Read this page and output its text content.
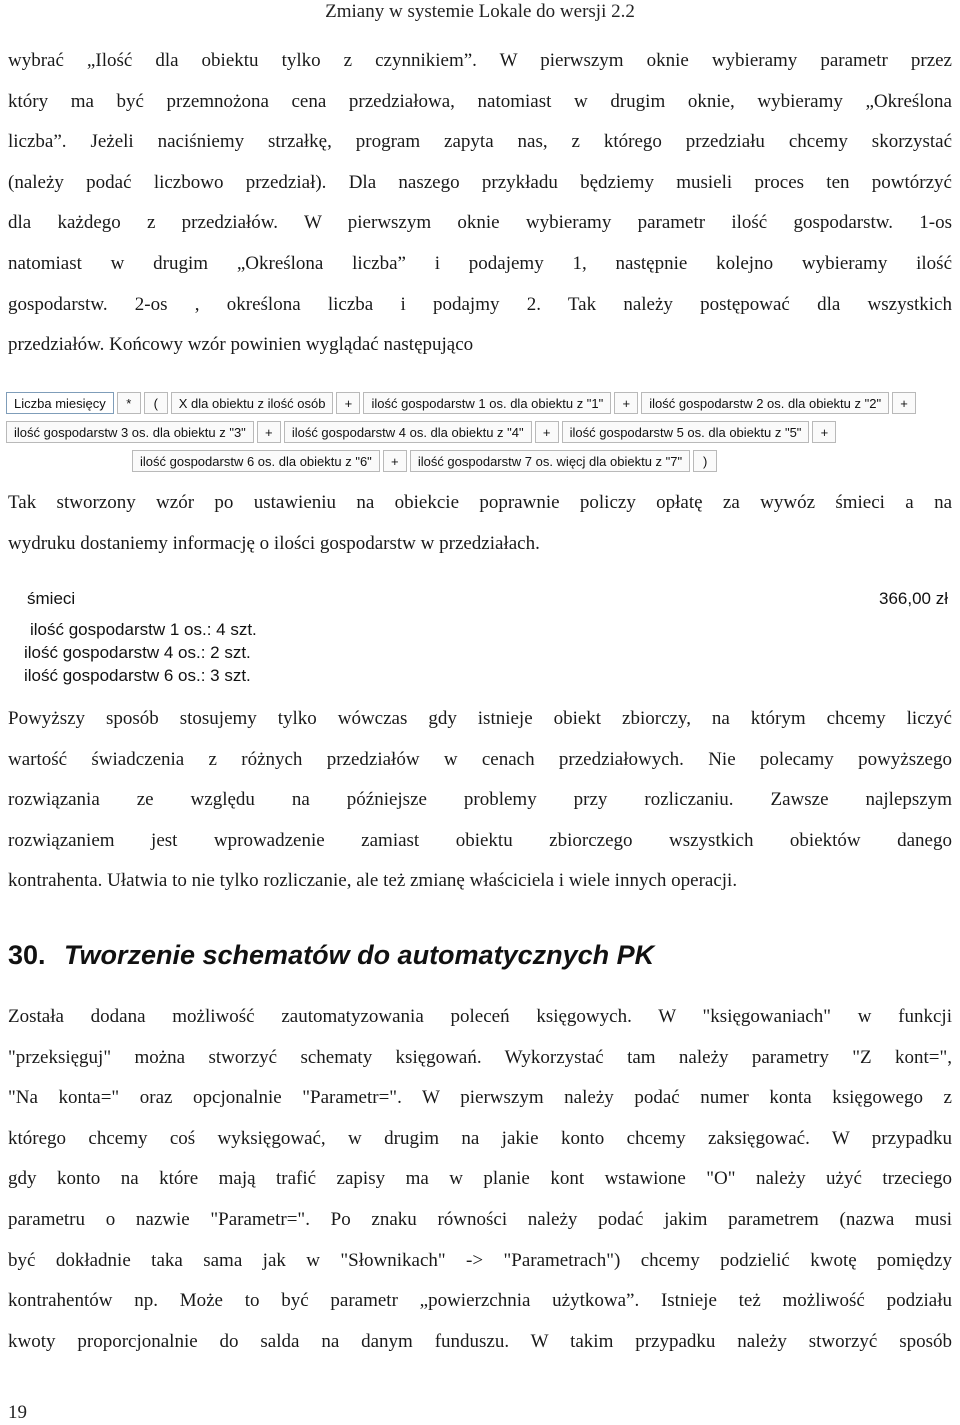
Zmiany w systemie Lokale do wersji 2.2
wybrać „Ilość dla obiektu tylko z czynnikiem”. W pierwszym oknie wybieramy parametr przez
który ma być przemnożona cena przedziałowa, natomiast w drugim oknie, wybieramy „Określona
liczba”. Jeżeli naciśniemy strzałkę, program zapyta nas, z którego przedziału chcemy skorzystać
(należy podać liczbowo przedział). Dla naszego przykładu będziemy musieli proces ten powtórzyć
dla każdego z przedziałów. W pierwszym oknie wybieramy parametr ilość gospodarstw. 1-os
natomiast w drugim „Określona liczba” i podajemy 1, następnie kolejno wybieramy ilość
gospodarstw. 2-os , określona liczba i podajmy 2. Tak należy postępować dla wszystkich
przedziałów. Końcowy wzór powinien wyglądać następująco
Liczba miesięcy	*	(	X dla obiektu z ilość osób	+	ilość gospodarstw 1 os. dla obiektu z "1"	+	ilość gospodarstw 2 os. dla obiektu z "2"	+
ilość gospodarstw 3 os. dla obiektu z "3"	+	ilość gospodarstw 4 os. dla obiektu z "4"	+	ilość gospodarstw 5 os. dla obiektu z "5"	+
ilość gospodarstw 6 os. dla obiektu z "6"	+	ilość gospodarstw 7 os. więcj dla obiektu z "7"	)
Tak stworzony wzór po ustawieniu na obiekcie poprawnie policzy opłatę za wywóz śmieci a na
wydruku dostaniemy informację o ilości gospodarstw w przedziałach.
śmieci	366,00 zł
ilość gospodarstw 1 os.: 4 szt.
ilość gospodarstw 4 os.: 2 szt.
ilość gospodarstw 6 os.: 3 szt.
Powyższy sposób stosujemy tylko wówczas gdy istnieje obiekt zbiorczy, na którym chcemy liczyć
wartość świadczenia z różnych przedziałów w cenach przedziałowych. Nie polecamy powyższego
rozwiązania ze względu na późniejsze problemy przy rozliczaniu. Zawsze najlepszym
rozwiązaniem jest wprowadzenie zamiast obiektu zbiorczego wszystkich obiektów danego
kontrahenta. Ułatwia to nie tylko rozliczanie, ale też zmianę właściciela i wiele innych operacji.
30. Tworzenie schematów do automatycznych PK
Została dodana możliwość zautomatyzowania poleceń księgowych. W "księgowaniach" w funkcji
"przeksięguj" można stworzyć schematy księgowań. Wykorzystać tam należy parametry "Z kont=",
"Na konta=" oraz opcjonalnie "Parametr=". W pierwszym należy podać numer konta księgowego z
którego chcemy coś wyksięgować, w drugim na jakie konto chcemy zaksięgować. W przypadku
gdy konto na które mają trafić zapisy ma w planie kont wstawione "O" należy użyć trzeciego
parametru o nazwie "Parametr=". Po znaku równości należy podać jakim parametrem (nazwa musi
być dokładnie taka sama jak w "Słownikach" -> "Parametrach") chcemy podzielić kwotę pomiędzy
kontrahentów np. Może to być parametr „powierzchnia użytkowa”. Istnieje też możliwość podziału
kwoty proporcjonalnie do salda na danym funduszu. W takim przypadku należy stworzyć sposób
19
